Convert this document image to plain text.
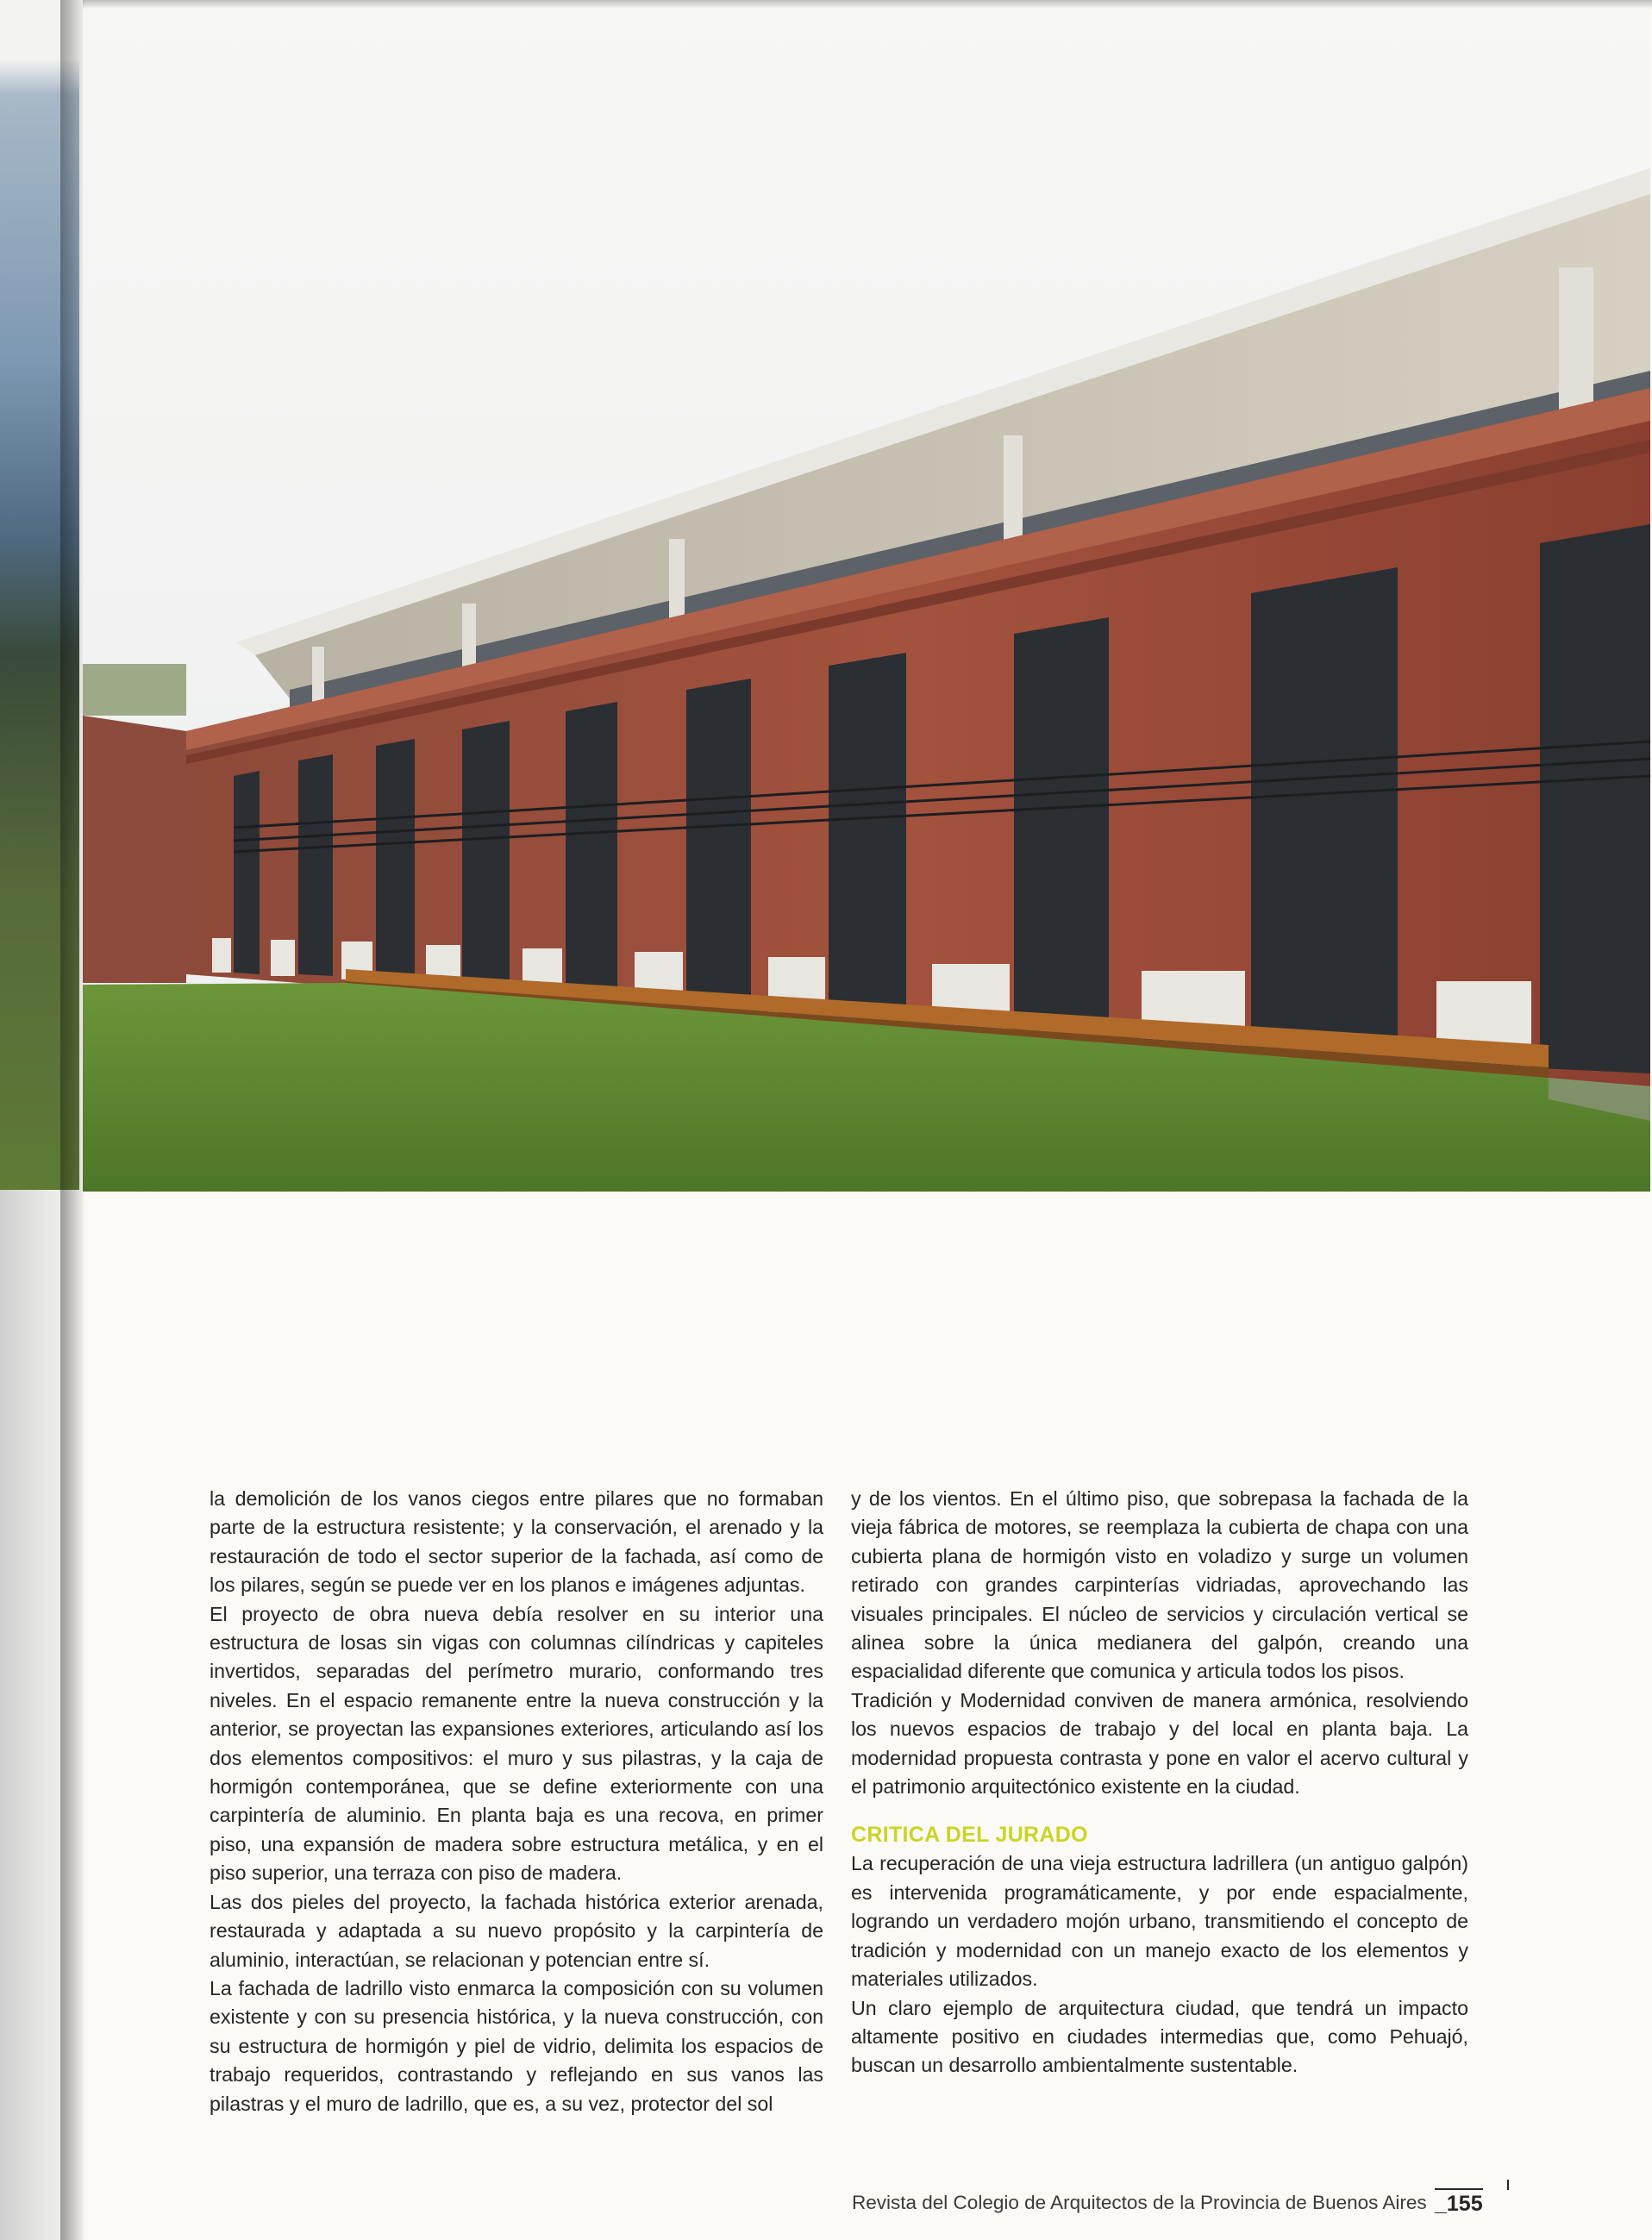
la demolición de los vanos ciegos entre pilares que no formaban parte de la estructura resistente; y la conservación, el arenado y la restauración de todo el sector superior de la fachada, así como de los pilares, según se puede ver en los planos e imágenes adjuntas.

El proyecto de obra nueva debía resolver en su interior una estructura de losas sin vigas con columnas cilíndricas y capiteles invertidos, separadas del perímetro murario, conformando tres niveles. En el espacio remanente entre la nueva construcción y la anterior, se proyectan las expansiones exteriores, articulando así los dos elementos compositivos: el muro y sus pilastras, y la caja de hormigón contemporánea, que se define exteriormente con una carpintería de aluminio. En planta baja es una recova, en primer piso, una expansión de madera sobre estructura metálica, y en el piso superior, una terraza con piso de madera.

Las dos pieles del proyecto, la fachada histórica exterior arenada, restaurada y adaptada a su nuevo propósito y la carpintería de aluminio, interactúan, se relacionan y potencian entre sí.

La fachada de ladrillo visto enmarca la composición con su volumen existente y con su presencia histórica, y la nueva construcción, con su estructura de hormigón y piel de vidrio, delimita los espacios de trabajo requeridos, contrastando y reflejando en sus vanos las pilastras y el muro de ladrillo, que es, a su vez, protector del sol

y de los vientos. En el último piso, que sobrepasa la fachada de la vieja fábrica de motores, se reemplaza la cubierta de chapa con una cubierta plana de hormigón visto en voladizo y surge un volumen retirado con grandes carpinterías vidriadas, aprovechando las visuales principales. El núcleo de servicios y circulación vertical se alinea sobre la única medianera del galpón, creando una espacialidad diferente que comunica y articula todos los pisos.

Tradición y Modernidad conviven de manera armónica, resolviendo los nuevos espacios de trabajo y del local en planta baja. La modernidad propuesta contrasta y pone en valor el acervo cultural y el patrimonio arquitectónico existente en la ciudad.

CRITICA DEL JURADO

La recuperación de una vieja estructura ladrillera (un antiguo galpón) es intervenida programáticamente, y por ende espacialmente, logrando un verdadero mojón urbano, transmitiendo el concepto de tradición y modernidad con un manejo exacto de los elementos y materiales utilizados.

Un claro ejemplo de arquitectura ciudad, que tendrá un impacto altamente positivo en ciudades intermedias que, como Pehuajó, buscan un desarrollo ambientalmente sustentable.

Revista del Colegio de Arquitectos de la Provincia de Buenos Aires _155
